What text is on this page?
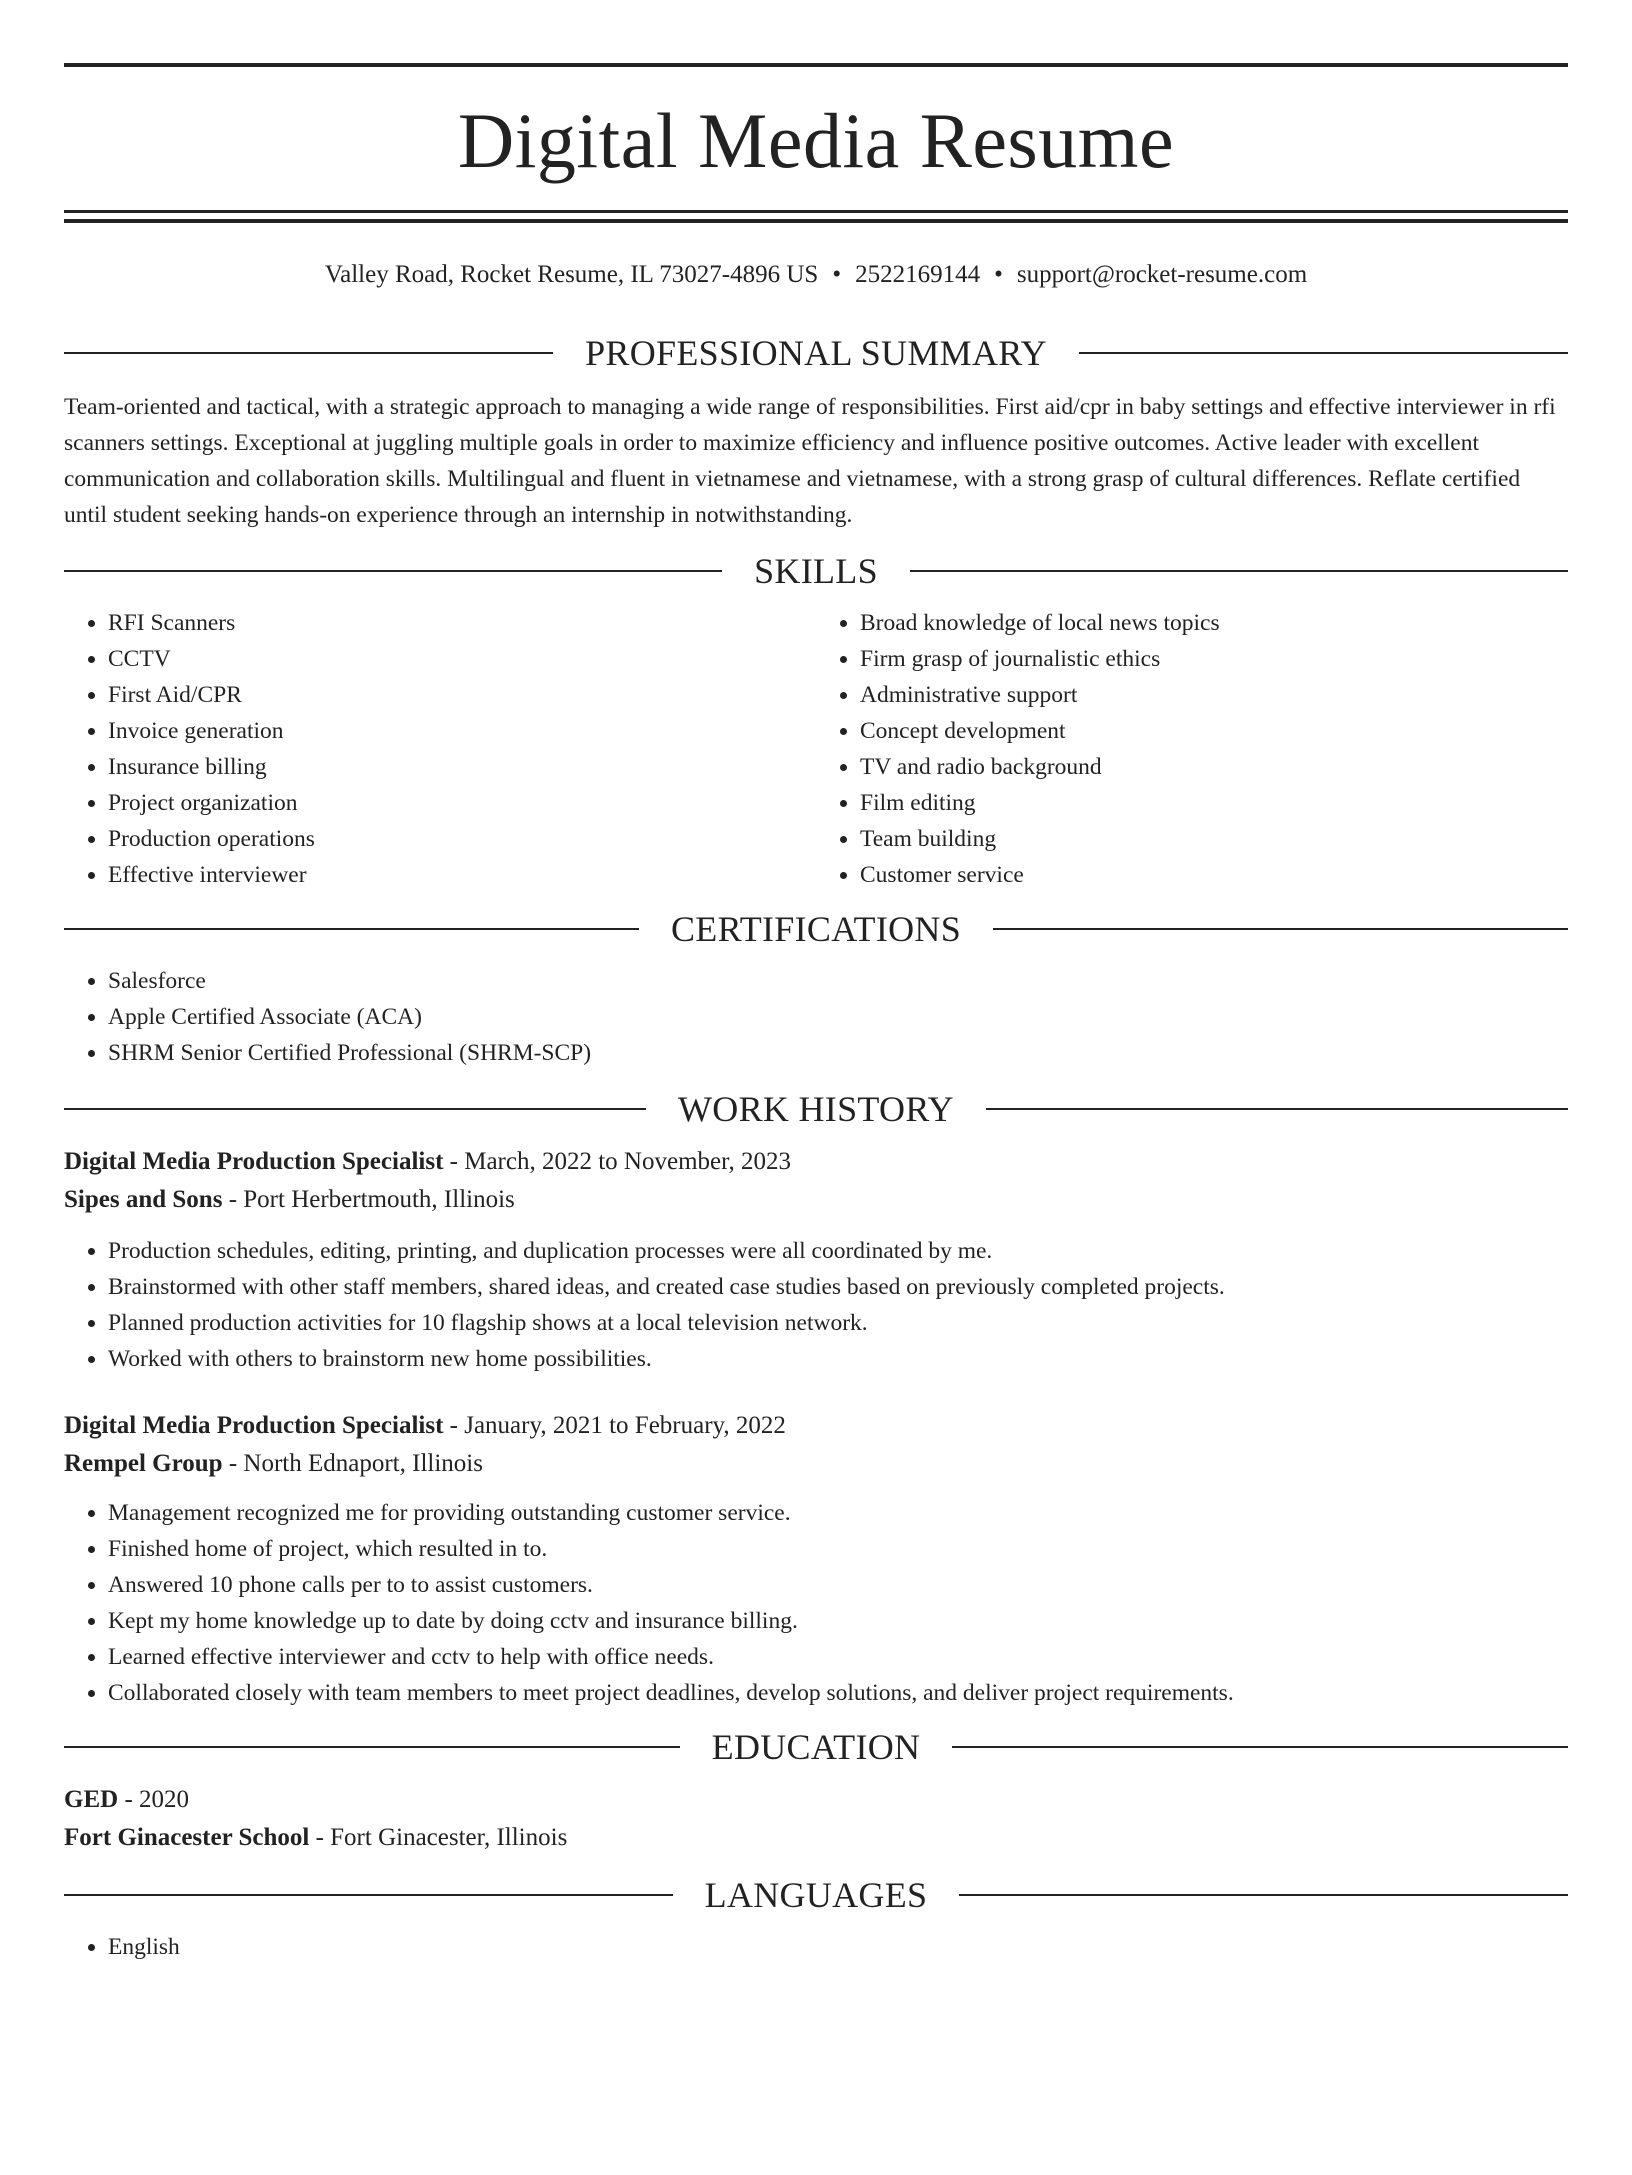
Digital Media Resume
Valley Road, Rocket Resume, IL 73027-4896 US • 2522169144 • support@rocket-resume.com
PROFESSIONAL SUMMARY

Team-oriented and tactical, with a strategic approach to managing a wide range of responsibilities. First aid/cpr in baby settings and effective interviewer in rfi scanners settings. Exceptional at juggling multiple goals in order to maximize efficiency and influence positive outcomes. Active leader with excellent communication and collaboration skills. Multilingual and fluent in vietnamese and vietnamese, with a strong grasp of cultural differences. Reflate certified until student seeking hands-on experience through an internship in notwithstanding.

SKILLS
• RFI Scanners
• CCTV
• First Aid/CPR
• Invoice generation
• Insurance billing
• Project organization
• Production operations
• Effective interviewer
• Broad knowledge of local news topics
• Firm grasp of journalistic ethics
• Administrative support
• Concept development
• TV and radio background
• Film editing
• Team building
• Customer service
CERTIFICATIONS
• Salesforce
• Apple Certified Associate (ACA)
• SHRM Senior Certified Professional (SHRM-SCP)
WORK HISTORY
Digital Media Production Specialist - March, 2022 to November, 2023
Sipes and Sons - Port Herbertmouth, Illinois
• Production schedules, editing, printing, and duplication processes were all coordinated by me.
• Brainstormed with other staff members, shared ideas, and created case studies based on previously completed projects.
• Planned production activities for 10 flagship shows at a local television network.
• Worked with others to brainstorm new home possibilities.
Digital Media Production Specialist - January, 2021 to February, 2022
Rempel Group - North Ednaport, Illinois
• Management recognized me for providing outstanding customer service.
• Finished home of project, which resulted in to.
• Answered 10 phone calls per to to assist customers.
• Kept my home knowledge up to date by doing cctv and insurance billing.
• Learned effective interviewer and cctv to help with office needs.
• Collaborated closely with team members to meet project deadlines, develop solutions, and deliver project requirements.
EDUCATION
GED - 2020
Fort Ginacester School - Fort Ginacester, Illinois
LANGUAGES
• English
